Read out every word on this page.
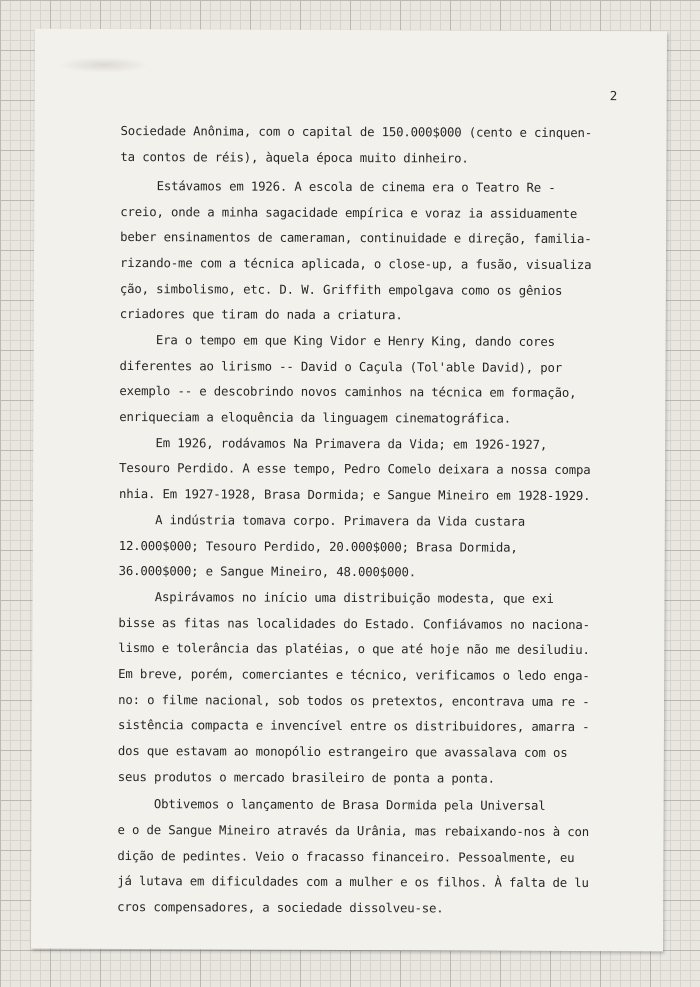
2
Sociedade Anônima, com o capital de 150.000$000 (cento e cinquen-
ta contos de réis), àquela época muito dinheiro.
Estávamos em 1926. A escola de cinema era o Teatro Re -
creio, onde a minha sagacidade empírica e voraz ia assiduamente
beber ensinamentos de cameraman, continuidade e direção, familia-
rizando-me com a técnica aplicada, o close-up, a fusão, visualiza
ção, simbolismo, etc. D. W. Griffith empolgava como os gênios
criadores que tiram do nada a criatura.
Era o tempo em que King Vidor e Henry King, dando cores
diferentes ao lirismo -- David o Caçula (Tol'able David), por
exemplo -- e descobrindo novos caminhos na técnica em formação,
enriqueciam a eloquência da linguagem cinematográfica.
Em 1926, rodávamos Na Primavera da Vida; em 1926-1927,
Tesouro Perdido. A esse tempo, Pedro Comelo deixara a nossa compa
nhia. Em 1927-1928, Brasa Dormida; e Sangue Mineiro em 1928-1929.
A indústria tomava corpo. Primavera da Vida custara
12.000$000; Tesouro Perdido, 20.000$000; Brasa Dormida,
36.000$000; e Sangue Mineiro, 48.000$000.
Aspirávamos no início uma distribuição modesta, que exi
bisse as fitas nas localidades do Estado. Confiávamos no naciona-
lismo e tolerância das platéias, o que até hoje não me desiludiu.
Em breve, porém, comerciantes e técnico, verificamos o ledo enga-
no: o filme nacional, sob todos os pretextos, encontrava uma re -
sistência compacta e invencível entre os distribuidores, amarra -
dos que estavam ao monopólio estrangeiro que avassalava com os
seus produtos o mercado brasileiro de ponta a ponta.
Obtivemos o lançamento de Brasa Dormida pela Universal
e o de Sangue Mineiro através da Urânia, mas rebaixando-nos à con
dição de pedintes. Veio o fracasso financeiro. Pessoalmente, eu
já lutava em dificuldades com a mulher e os filhos. À falta de lu
cros compensadores, a sociedade dissolveu-se.
